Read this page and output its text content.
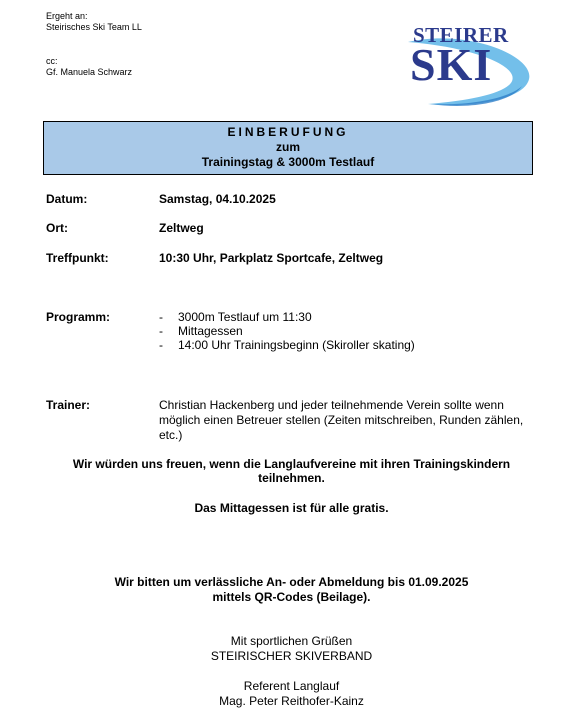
Ergeht an:
Steirisches Ski Team LL
cc:
Gf. Manuela Schwarz
STEIRER
SKI
EINBERUFUNG
zum
Trainingstag & 3000m Testlauf
Datum:	Samstag, 04.10.2025
Ort:	Zeltweg
Treffpunkt:	10:30 Uhr, Parkplatz Sportcafe, Zeltweg
Programm:	-	3000m Testlauf um 11:30
-	Mittagessen
-	14:00 Uhr Trainingsbeginn (Skiroller skating)
Trainer:	Christian Hackenberg und jeder teilnehmende Verein sollte wenn möglich einen Betreuer stellen (Zeiten mitschreiben, Runden zählen, etc.)
Wir würden uns freuen, wenn die Langlaufvereine mit ihren Trainingskindern
teilnehmen.
Das Mittagessen ist für alle gratis.
Wir bitten um verlässliche An- oder Abmeldung bis 01.09.2025
mittels QR-Codes (Beilage).
Mit sportlichen Grüßen
STEIRISCHER SKIVERBAND
Referent Langlauf
Mag. Peter Reithofer-Kainz
